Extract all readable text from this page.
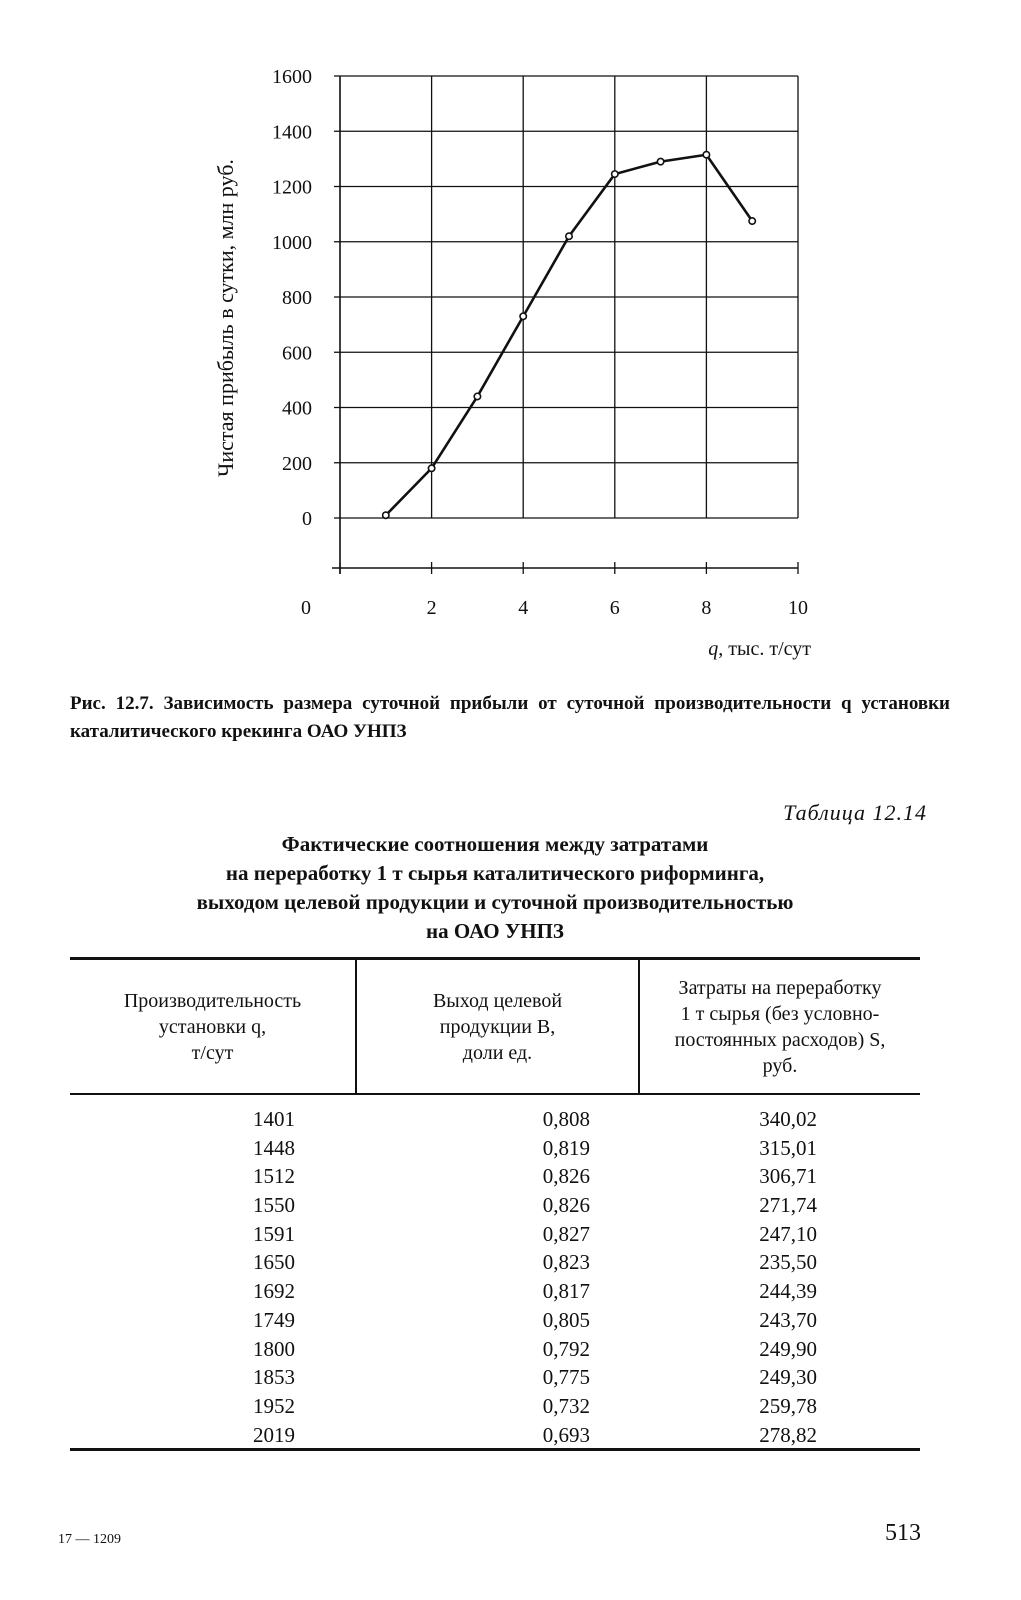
0
200
400
600
800
1000
1200
1400
1600
0	2	4	6	8	10
Чистая прибыль в сутки, млн руб.
q, тыс. т/сут
Рис. 12.7. Зависимость размера суточной прибыли от суточной производительности q установки каталитического крекинга ОАО УНПЗ
Таблица 12.14
Фактические соотношения между затратами
на переработку 1 т сырья каталитического риформинга,
выходом целевой продукции и суточной производительностью
на ОАО УНПЗ
Производительность
установки q,
т/сут
Выход целевой
продукции B,
доли ед.
Затраты на переработку
1 т сырья (без условно-
постоянных расходов) S,
руб.
1401	0,808	340,02
1448	0,819	315,01
1512	0,826	306,71
1550	0,826	271,74
1591	0,827	247,10
1650	0,823	235,50
1692	0,817	244,39
1749	0,805	243,70
1800	0,792	249,90
1853	0,775	249,30
1952	0,732	259,78
2019	0,693	278,82
17 — 1209	513
